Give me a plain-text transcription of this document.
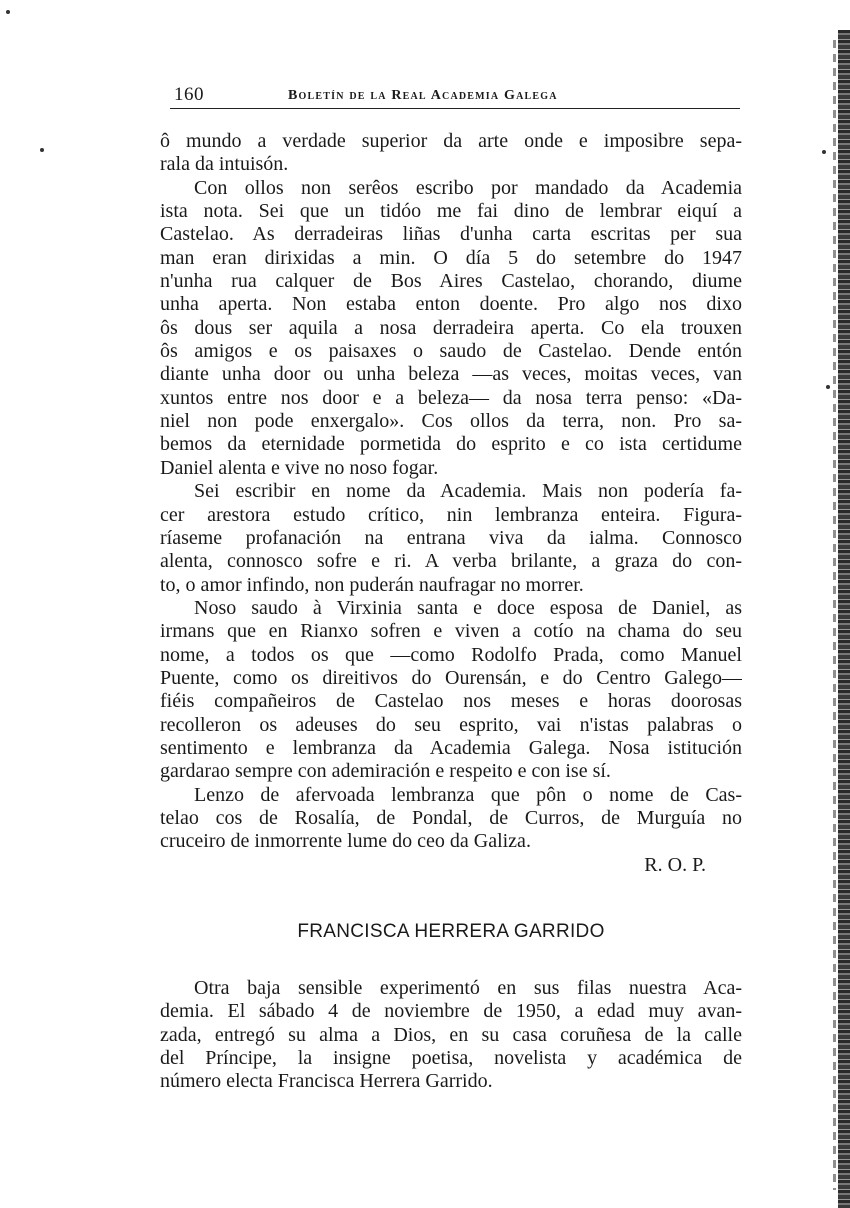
160	Boletín de la Real Academia Galega
ô mundo a verdade superior da arte onde e imposibre sepa-
rala da intuisón.
Con ollos non serêos escribo por mandado da Academia
ista nota. Sei que un tidóo me fai dino de lembrar eiquí a
Castelao. As derradeiras liñas d'unha carta escritas per sua
man eran dirixidas a min. O día 5 do setembre do 1947
n'unha rua calquer de Bos Aires Castelao, chorando, diume
unha aperta. Non estaba enton doente. Pro algo nos dixo
ôs dous ser aquila a nosa derradeira aperta. Co ela trouxen
ôs amigos e os paisaxes o saudo de Castelao. Dende entón
diante unha door ou unha beleza —as veces, moitas veces, van
xuntos entre nos door e a beleza— da nosa terra penso: «Da-
niel non pode enxergalo». Cos ollos da terra, non. Pro sa-
bemos da eternidade pormetida do esprito e co ista certidume
Daniel alenta e vive no noso fogar.
Sei escribir en nome da Academia. Mais non podería fa-
cer arestora estudo crítico, nin lembranza enteira. Figura-
ríaseme profanación na entrana viva da ialma. Connosco
alenta, connosco sofre e ri. A verba brilante, a graza do con-
to, o amor infindo, non puderán naufragar no morrer.
Noso saudo à Virxinia santa e doce esposa de Daniel, as
irmans que en Rianxo sofren e viven a cotío na chama do seu
nome, a todos os que —como Rodolfo Prada, como Manuel
Puente, como os direitivos do Ourensán, e do Centro Galego—
fiéis compañeiros de Castelao nos meses e horas doorosas
recolleron os adeuses do seu esprito, vai n'istas palabras o
sentimento e lembranza da Academia Galega. Nosa istitución
gardarao sempre con ademiración e respeito e con ise sí.
Lenzo de afervoada lembranza que pôn o nome de Cas-
telao cos de Rosalía, de Pondal, de Curros, de Murguía no
cruceiro de inmorrente lume do ceo da Galiza.
R. O. P.
FRANCISCA HERRERA GARRIDO
Otra baja sensible experimentó en sus filas nuestra Aca-
demia. El sábado 4 de noviembre de 1950, a edad muy avan-
zada, entregó su alma a Dios, en su casa coruñesa de la calle
del Príncipe, la insigne poetisa, novelista y académica de
número electa Francisca Herrera Garrido.
